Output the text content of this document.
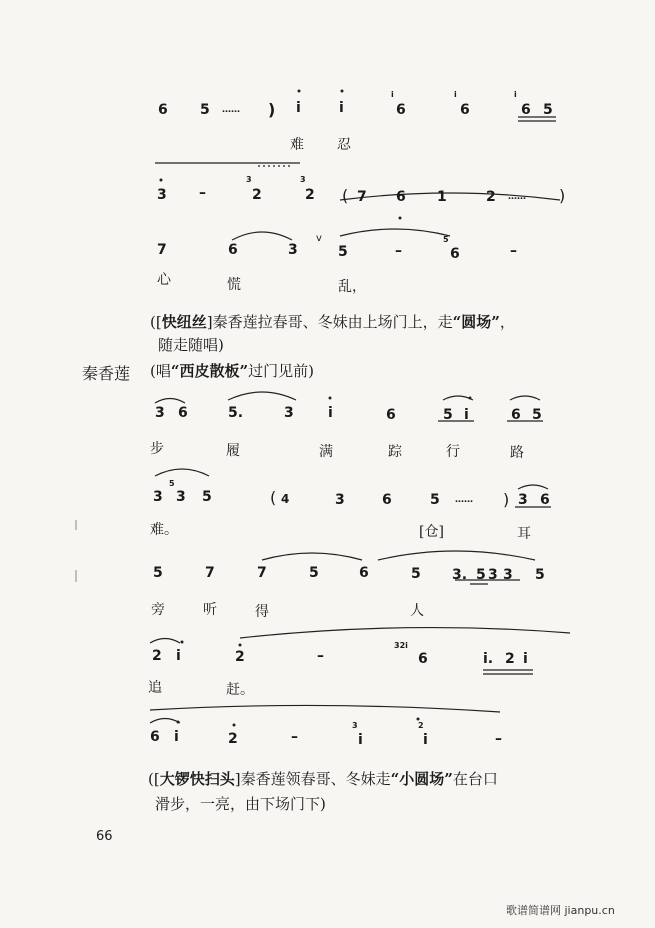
6 5 …… ) i	i
i
6
i
6
i
6 5
难 忍
3 –
3
2
3
2 ( 7 6 1	2 …… )
7	6	3
v
5	–
5
6	–
心	慌	乱，
([快纽丝]秦香莲拉春哥、冬妹由上场门上，走“圆场”，
随走随唱)
秦香莲 (唱“西皮散板”过门见前)
3 6	5.	3 i	6	5 i	6 5
步	履	满	踪	行	路
3
5
3 5	( 4	3	6	5 …… ) 3 6
难。	[仓]	耳
5	7	7	5	6	5 3. 5 3 3 5
旁	听	得	人
2 i	2	–
32i
6	i. 2 i
追	赶。
6 i	2	–
3
i
2
i	–
([大锣快扫头]秦香莲领春哥、冬妹走“小圆场”在台口
滑步，一亮，由下场门下)
66
歌谱简谱网 jianpu.cn
